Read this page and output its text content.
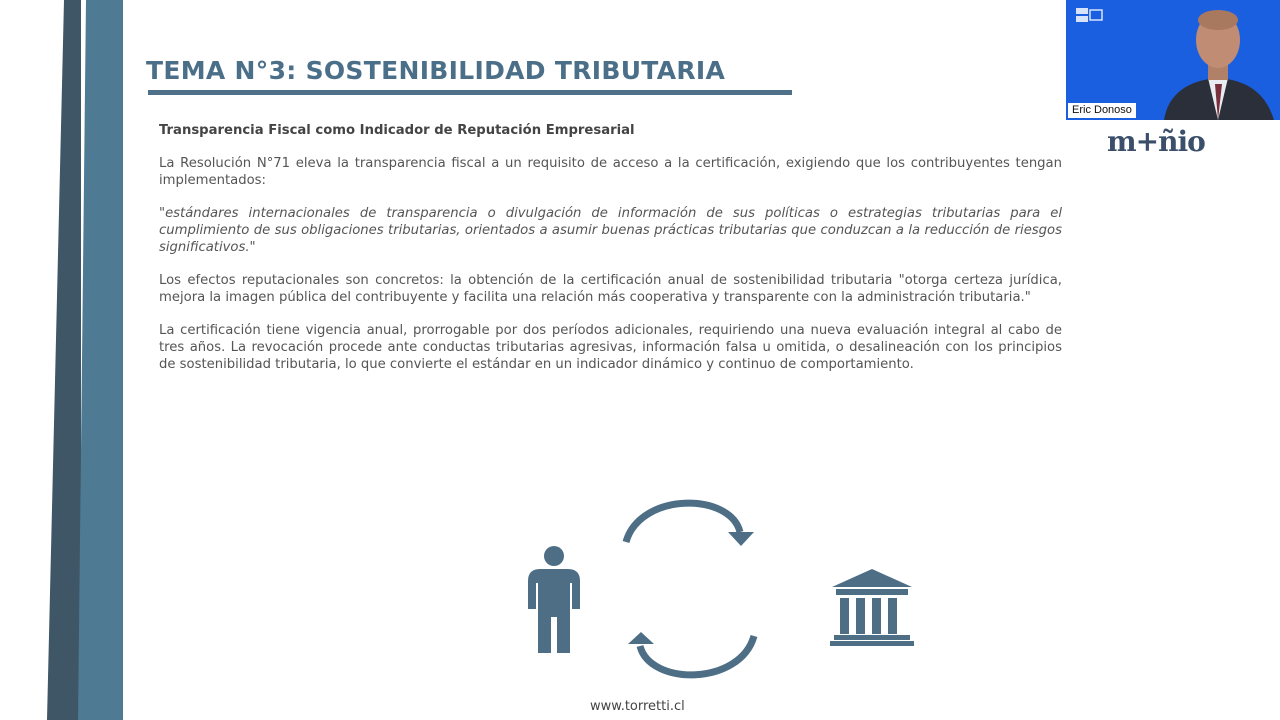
TEMA N°3: SOSTENIBILIDAD TRIBUTARIA

Transparencia Fiscal como Indicador de Reputación Empresarial

La Resolución N°71 eleva la transparencia fiscal a un requisito de acceso a la certificación, exigiendo que los contribuyentes tengan implementados:

"estándares internacionales de transparencia o divulgación de información de sus políticas o estrategias tributarias para el cumplimiento de sus obligaciones tributarias, orientados a asumir buenas prácticas tributarias que conduzcan a la reducción de riesgos significativos."

Los efectos reputacionales son concretos: la obtención de la certificación anual de sostenibilidad tributaria "otorga certeza jurídica, mejora la imagen pública del contribuyente y facilita una relación más cooperativa y transparente con la administración tributaria."

La certificación tiene vigencia anual, prorrogable por dos períodos adicionales, requiriendo una nueva evaluación integral al cabo de tres años. La revocación procede ante conductas tributarias agresivas, información falsa u omitida, o desalineación con los principios de sostenibilidad tributaria, lo que convierte el estándar en un indicador dinámico y continuo de comportamiento.

Eric Donoso
m+ñio
www.torretti.cl
